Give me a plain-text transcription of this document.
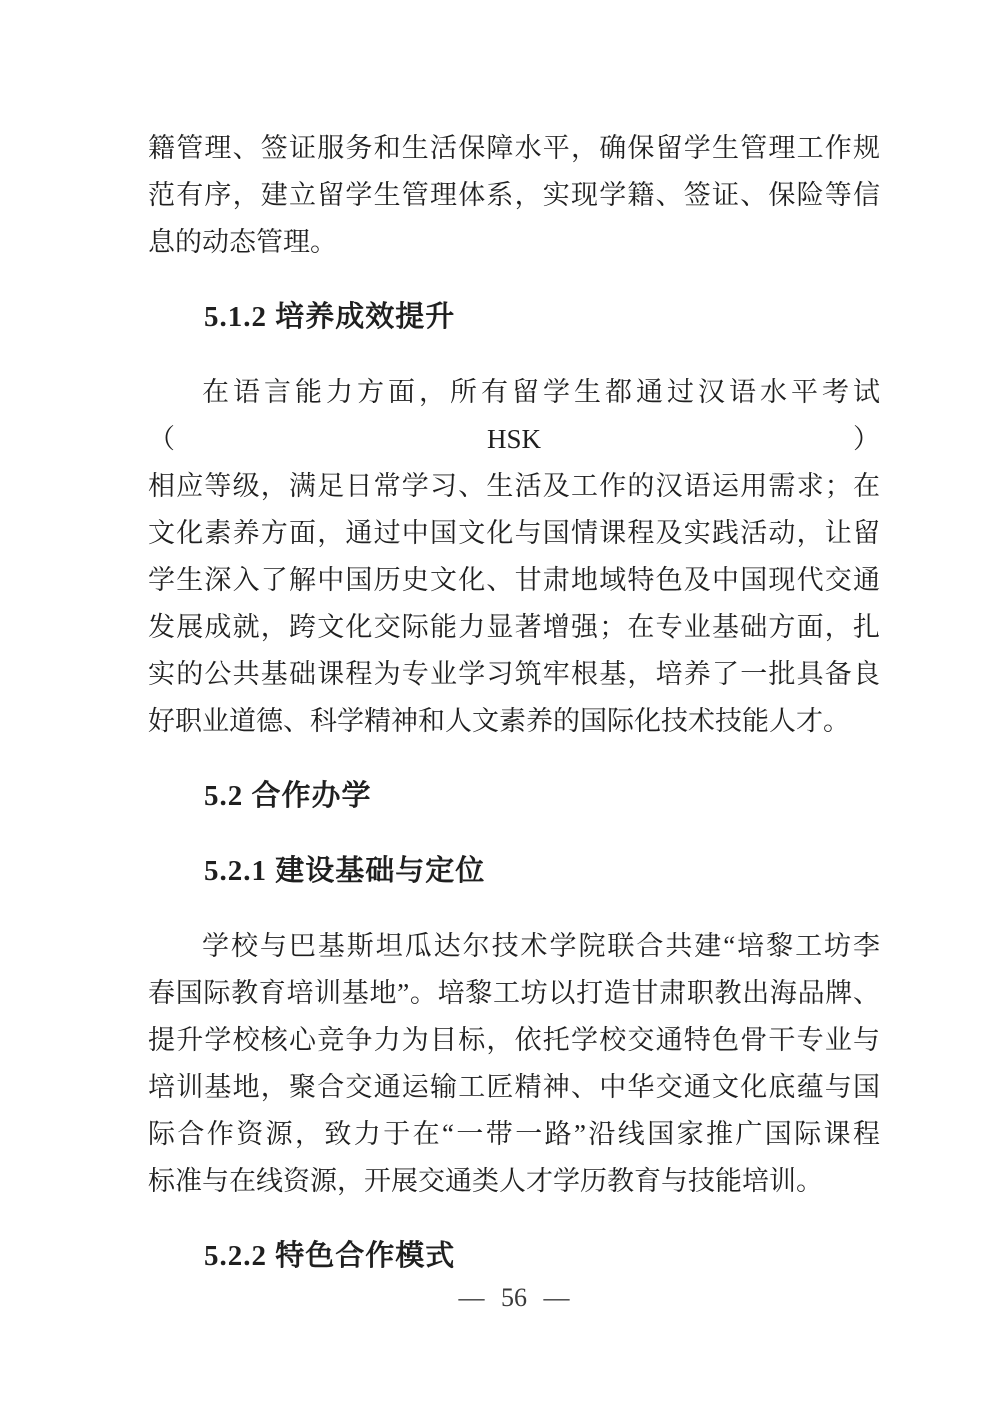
籍管理、签证服务和生活保障水平，确保留学生管理工作规
范有序，建立留学生管理体系，实现学籍、签证、保险等信
息的动态管理。
5.1.2 培养成效提升
在语言能力方面，所有留学生都通过汉语水平考试（HSK）
相应等级，满足日常学习、生活及工作的汉语运用需求；在
文化素养方面，通过中国文化与国情课程及实践活动，让留
学生深入了解中国历史文化、甘肃地域特色及中国现代交通
发展成就，跨文化交际能力显著增强；在专业基础方面，扎
实的公共基础课程为专业学习筑牢根基，培养了一批具备良
好职业道德、科学精神和人文素养的国际化技术技能人才。
5.2 合作办学
5.2.1 建设基础与定位
学校与巴基斯坦瓜达尔技术学院联合共建“培黎工坊李
春国际教育培训基地”。培黎工坊以打造甘肃职教出海品牌、
提升学校核心竞争力为目标，依托学校交通特色骨干专业与
培训基地，聚合交通运输工匠精神、中华交通文化底蕴与国
际合作资源，致力于在“一带一路”沿线国家推广国际课程
标准与在线资源，开展交通类人才学历教育与技能培训。
5.2.2 特色合作模式
— 56 —
